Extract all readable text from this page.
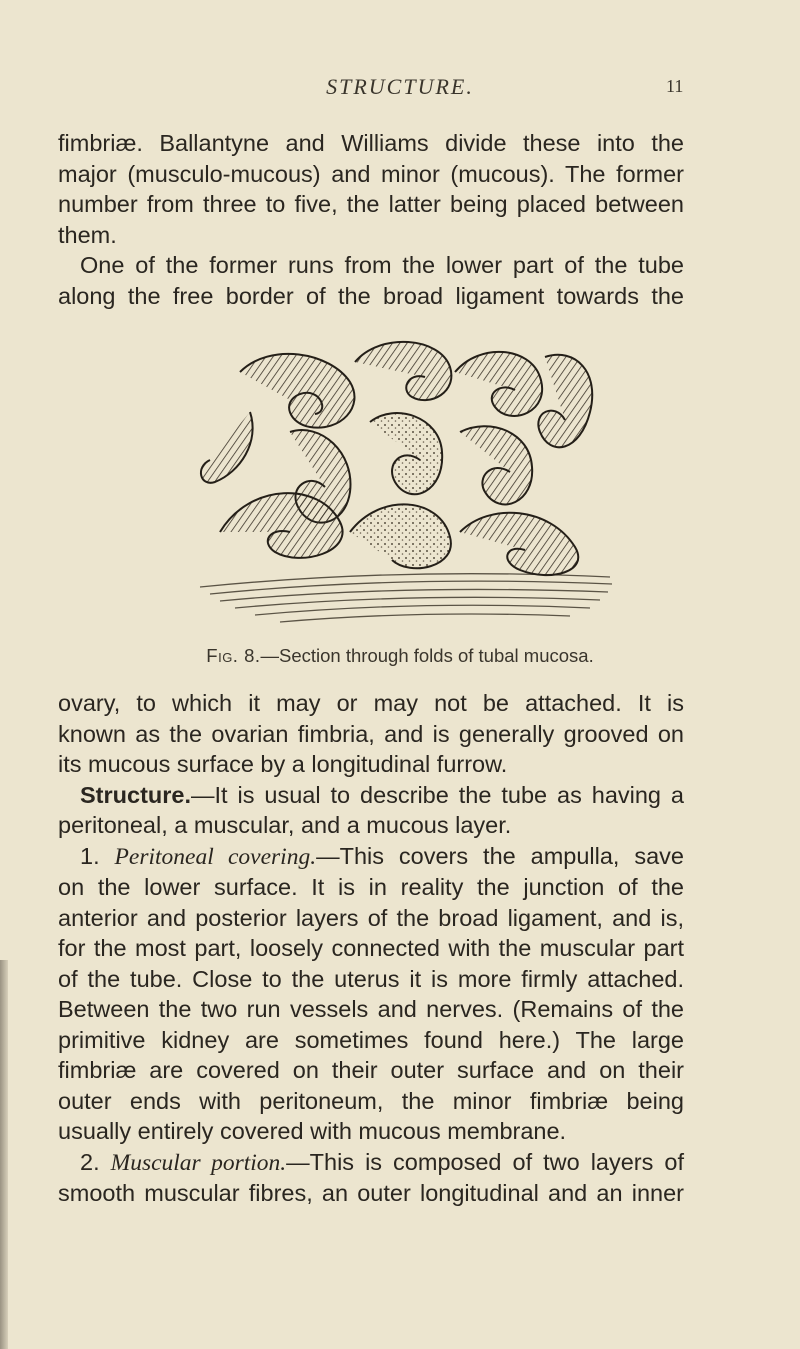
STRUCTURE.	11

fimbriæ. Ballantyne and Williams divide these into the
major (musculo-mucous) and minor (mucous). The former
number from three to five, the latter being placed between
them.

One of the former runs from the lower part of the tube
along the free border of the broad ligament towards the

Fig. 8.—Section through folds of tubal mucosa.

ovary, to which it may or may not be attached. It is
known as the ovarian fimbria, and is generally grooved on
its mucous surface by a longitudinal furrow.

Structure.—It is usual to describe the tube as having a
peritoneal, a muscular, and a mucous layer.

1. Peritoneal covering.—This covers the ampulla, save
on the lower surface. It is in reality the junction of the
anterior and posterior layers of the broad ligament, and is,
for the most part, loosely connected with the muscular part
of the tube. Close to the uterus it is more firmly attached.
Between the two run vessels and nerves. (Remains of the
primitive kidney are sometimes found here.) The large
fimbriæ are covered on their outer surface and on their
outer ends with peritoneum, the minor fimbriæ being
usually entirely covered with mucous membrane.

2. Muscular portion.—This is composed of two layers of
smooth muscular fibres, an outer longitudinal and an inner
